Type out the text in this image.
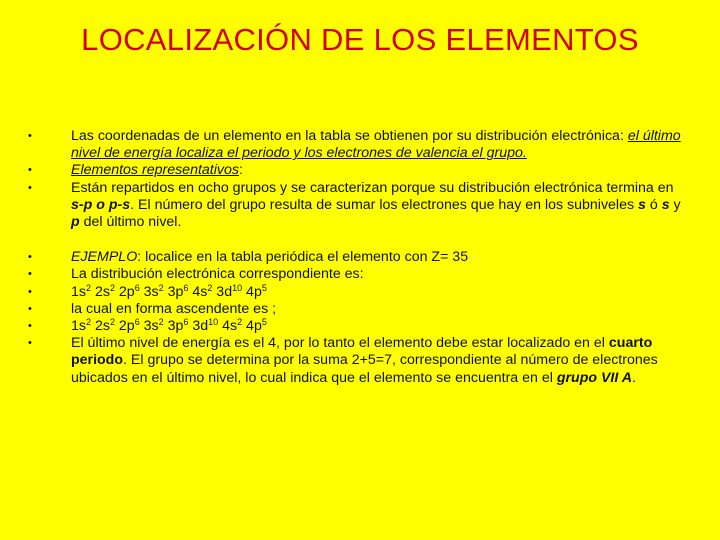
LOCALIZACIÓN DE LOS ELEMENTOS
•	Las coordenadas de un elemento en la tabla se obtienen por su distribución electrónica: el último nivel de energía localiza el periodo y los electrones de valencia el grupo.
•	Elementos representativos:
•	Están repartidos en ocho grupos y se caracterizan porque su distribución electrónica termina en s-p o p-s. El número del grupo resulta de sumar los electrones que hay en los subniveles s ó s y p del último nivel.
•	EJEMPLO: localice en la tabla periódica el elemento con Z= 35
•	La distribución electrónica correspondiente es:
•	$1s^2$ $2s^2$ $2p^6$ $3s^2$ $3p^6$ $4s^2$ $3d^{10}$ $4p^5$
•	la cual en forma ascendente es ;
•	$1s^2$ $2s^2$ $2p^6$ $3s^2$ $3p^6$ $3d^{10}$ $4s^2$ $4p^5$
•	El último nivel de energía es el 4, por lo tanto el elemento debe estar localizado en el cuarto periodo. El grupo se determina por la suma 2+5=7, correspondiente al número de electrones ubicados en el último nivel, lo cual indica que el elemento se encuentra en el grupo VII A.
